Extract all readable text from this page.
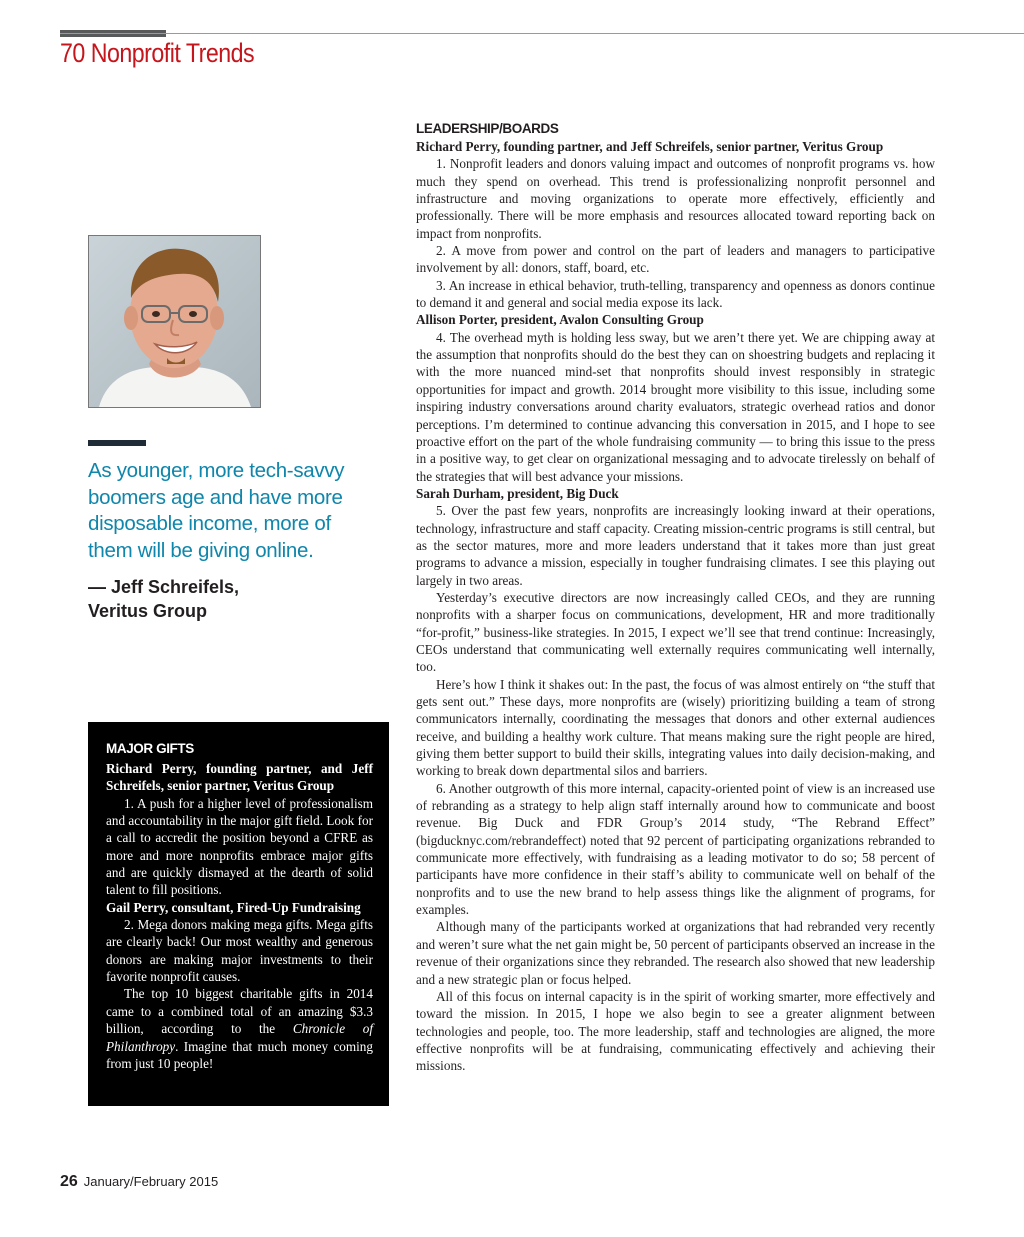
70 Nonprofit Trends

As younger, more tech-savvy boomers age and have more disposable income, more of them will be giving online.

— Jeff Schreifels,
Veritus Group

MAJOR GIFTS

Richard Perry, founding partner, and Jeff Schreifels, senior partner, Veritus Group

1. A push for a higher level of professionalism and accountability in the major gift field. Look for a call to accredit the position beyond a CFRE as more and more nonprofits embrace major gifts and are quickly dismayed at the dearth of solid talent to fill positions.

Gail Perry, consultant, Fired-Up Fundraising

2. Mega donors making mega gifts. Mega gifts are clearly back! Our most wealthy and generous donors are making major investments to their favorite nonprofit causes.

The top 10 biggest charitable gifts in 2014 came to a combined total of an amazing $3.3 billion, according to the Chronicle of Philanthropy. Imagine that much money coming from just 10 people!

LEADERSHIP/BOARDS

Richard Perry, founding partner, and Jeff Schreifels, senior partner, Veritus Group

1. Nonprofit leaders and donors valuing impact and outcomes of nonprofit programs vs. how much they spend on overhead. This trend is professionalizing nonprofit personnel and infrastructure and moving organizations to operate more effectively, efficiently and professionally. There will be more emphasis and resources allocated toward reporting back on impact from nonprofits.

2. A move from power and control on the part of leaders and managers to participative involvement by all: donors, staff, board, etc.

3. An increase in ethical behavior, truth-telling, transparency and openness as donors continue to demand it and general and social media expose its lack.

Allison Porter, president, Avalon Consulting Group

4. The overhead myth is holding less sway, but we aren’t there yet. We are chipping away at the assumption that nonprofits should do the best they can on shoestring budgets and replacing it with the more nuanced mind-set that nonprofits should invest responsibly in strategic opportunities for impact and growth. 2014 brought more visibility to this issue, including some inspiring industry conversations around charity evaluators, strategic overhead ratios and donor perceptions. I’m determined to continue advancing this conversation in 2015, and I hope to see proactive effort on the part of the whole fundraising community — to bring this issue to the press in a positive way, to get clear on organizational messaging and to advocate tirelessly on behalf of the strategies that will best advance your missions.

Sarah Durham, president, Big Duck

5. Over the past few years, nonprofits are increasingly looking inward at their operations, technology, infrastructure and staff capacity. Creating mission-centric programs is still central, but as the sector matures, more and more leaders understand that it takes more than just great programs to advance a mission, especially in tougher fundraising climates. I see this playing out largely in two areas.

Yesterday’s executive directors are now increasingly called CEOs, and they are running nonprofits with a sharper focus on communications, development, HR and more traditionally “for-profit,” business-like strategies. In 2015, I expect we’ll see that trend continue: Increasingly, CEOs understand that communicating well externally requires communicating well internally, too.

Here’s how I think it shakes out: In the past, the focus of was almost entirely on “the stuff that gets sent out.” These days, more nonprofits are (wisely) prioritizing building a team of strong communicators internally, coordinating the messages that donors and other external audiences receive, and building a healthy work culture. That means making sure the right people are hired, giving them better support to build their skills, integrating values into daily decision-making, and working to break down departmental silos and barriers.

6. Another outgrowth of this more internal, capacity-oriented point of view is an increased use of rebranding as a strategy to help align staff internally around how to communicate and boost revenue. Big Duck and FDR Group’s 2014 study, “The Rebrand Effect” (bigducknyc.com/rebrandeffect) noted that 92 percent of participating organizations rebranded to communicate more effectively, with fundraising as a leading motivator to do so; 58 percent of participants have more confidence in their staff’s ability to communicate well on behalf of the nonprofits and to use the new brand to help assess things like the alignment of programs, for examples.

Although many of the participants worked at organizations that had rebranded very recently and weren’t sure what the net gain might be, 50 percent of participants observed an increase in the revenue of their organizations since they rebranded. The research also showed that new leadership and a new strategic plan or focus helped.

All of this focus on internal capacity is in the spirit of working smarter, more effectively and toward the mission. In 2015, I hope we also begin to see a greater alignment between technologies and people, too. The more leadership, staff and technologies are aligned, the more effective nonprofits will be at fundraising, communicating effectively and achieving their missions.

26 January/February 2015
